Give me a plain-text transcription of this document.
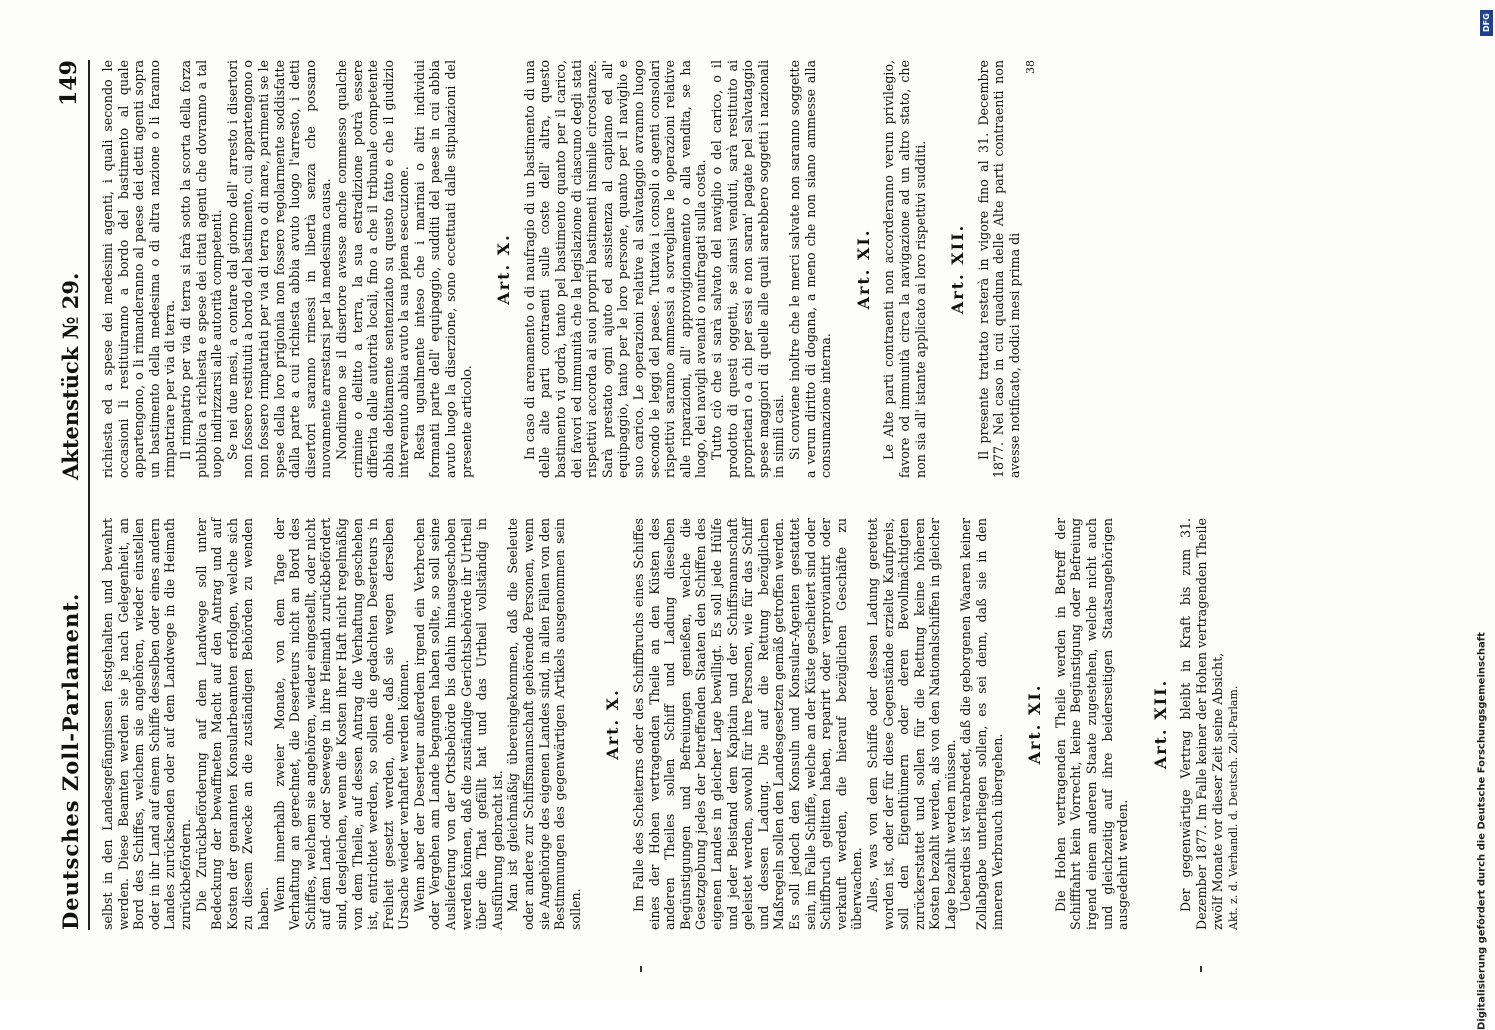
Deutsches Zoll-Parlament.
Aktenstück № 29.
149

selbst in den Landesgefängnissen festgehalten und bewahrt werden. Diese Beamten werden sie je nach Gelegenheit, an Bord des Schiffes, welchem sie angehören, wieder einstellen oder in ihr Land auf einem Schiffe desselben oder eines andern Landes zurücksenden oder auf dem Landwege in die Heimath zurückbefördern. Die Zurückbeförderung auf dem Landwege soll unter Bedeckung der bewaffneten Macht auf den Antrag und auf Kosten der genannten Konsularbeamten erfolgen, welche sich zu diesem Zwecke an die zuständigen Behörden zu wenden haben. Wenn innerhalb zweier Monate, von dem Tage der Verhaftung an gerechnet, die Deserteurs nicht an Bord des Schiffes, welchem sie angehören, wieder eingestellt, oder nicht auf dem Land- oder Seewege in ihre Heimath zurückbefördert sind, desgleichen, wenn die Kosten ihrer Haft nicht regelmäßig von dem Theile, auf dessen Antrag die Verhaftung geschehen ist, entrichtet werden, so sollen die gedachten Deserteurs in Freiheit gesetzt werden, ohne daß sie wegen derselben Ursache wieder verhaftet werden können. Wenn aber der Deserteur außerdem irgend ein Verbrechen oder Vergehen am Lande begangen haben sollte, so soll seine Auslieferung von der Ortsbehörde bis dahin hinausgeschoben werden können, daß die zuständige Gerichtsbehörde ihr Urtheil über die That gefällt hat und das Urtheil vollständig in Ausführung gebracht ist. Man ist gleichmäßig übereingekommen, daß die Seeleute oder andere zur Schiffsmannschaft gehörende Personen, wenn sie Angehörige des eigenen Landes sind, in allen Fällen von den Bestimmungen des gegenwärtigen Artikels ausgenommen sein sollen.

Art. X. Im Falle des Scheiterns oder des Schiffbruchs eines Schiffes eines der Hohen vertragenden Theile an den Küsten des anderen Theiles sollen Schiff und Ladung dieselben Begünstigungen und Befreiungen genießen, welche die Gesetzgebung jedes der betreffenden Staaten den Schiffen des eigenen Landes in gleicher Lage bewilligt. Es soll jede Hülfe und jeder Beistand dem Kapitain und der Schiffsmannschaft geleistet werden, sowohl für ihre Personen, wie für das Schiff und dessen Ladung. Die auf die Rettung bezüglichen Maßregeln sollen den Landesgesetzen gemäß getroffen werden. Es soll jedoch den Konsuln und Konsular-Agenten gestattet sein, im Falle Schiffe, welche an der Küste gescheitert sind oder Schiffbruch gelitten haben, reparirt oder verproviantirt oder verkauft werden, die hierauf bezüglichen Geschäfte zu überwachen. Alles, was von dem Schiffe oder dessen Ladung gerettet worden ist, oder der für diese Gegenstände erzielte Kaufpreis, soll den Eigenthümern oder deren Bevollmächtigten zurückerstattet und sollen für die Rettung keine höheren Kosten bezahlt werden, als von den Nationalschiffen in gleicher Lage bezahlt werden müssen. Ueberdies ist verabredet, daß die geborgenen Waaren keiner Zollabgabe unterliegen sollen, es sei denn, daß sie in den inneren Verbrauch übergehen.

Art. XI. Die Hohen vertragenden Theile werden in Betreff der Schifffahrt kein Vorrecht, keine Begünstigung oder Befreiung irgend einem anderen Staate zugestehen, welche nicht auch und gleichzeitig auf ihre beiderseitigen Staatsangehörigen ausgedehnt werden.

Art. XII. Der gegenwärtige Vertrag bleibt in Kraft bis zum 31. Dezember 1877. Im Falle keiner der Hohen vertragenden Theile zwölf Monate vor dieser Zeit seine Absicht, Akt. z. d. Verhandl. d. Deutsch. Zoll-Parlam.

richiesta ed a spese dei medesimi agenti, i quali secondo le occasioni li restituiranno a bordo del bastimento al quale appartengono, o li rimanderanno al paese dei detti agenti sopra un bastimento della medesima o di altra nazione o li faranno rimpatriare per via di terra. Il rimpatrio per via di terra si farà sotto la scorta della forza pubblica a richiesta e spese dei citati agenti che dovranno a tal uopo indirizzarsi alle autorità competenti. Se nei due mesi, a contare dal giorno dell' arresto i disertori non fossero restituiti a bordo del bastimento, cui appartengono o non fossero rimpatriati per via di terra o di mare, parimenti se le spese della loro prigionia non fossero regolarmente soddisfatte dalla parte a cui richiesta abbia avuto luogo l'arresto, i detti disertori saranno rimessi in libertà senza che possano nuovamente arrestarsi per la medesima causa. Nondimeno se il disertore avesse anche commesso qualche crimine o delitto a terra, la sua estradizione potrà essere differita dalle autorità locali, fino a che il tribunale competente abbia debitamente sentenziato su questo fatto e che il giudizio intervenuto abbia avuto la sua piena esecuzione. Resta ugualmente inteso che i marinai o altri individui formanti parte dell' equipaggio, sudditi del paese in cui abbia avuto luogo la diserzione, sono eccettuati dalle stipulazioni del presente articolo.

Art. X. In caso di arenamento o di naufragio di un bastimento di una delle alte parti contraenti sulle coste dell' altra, questo bastimento vi godrà, tanto pel bastimento quanto per il carico, dei favori ed immunità che la legislazione di ciascuno degli stati rispettivi accorda ai suoi proprii bastimenti insimile circostanze. Sarà prestato ogni ajuto ed assistenza al capitano ed all' equipaggio, tanto per le loro persone, quanto per il naviglio e suo carico. Le operazioni relative al salvataggio avranno luogo secondo le leggi del paese. Tuttavia i consoli o agenti consolari rispettivi saranno ammessi a sorvegliare le operazioni relative alle riparazioni, all' approvigionamento o alla vendita, se ha luogo, dei navigli avenati o naufragati sulla costa. Tutto ciò che si sarà salvato del naviglio o del carico, o il prodotto di questi oggetti, se siansi venduti, sarà restituito ai proprietari o a chi per essi e non saran' pagate pel salvataggio spese maggiori di quelle alle quali sarebbero soggetti i nazionali in simili casi. Si conviene inoltre che le merci salvate non saranno soggette a verun diritto di dogana, a meno che non siano ammesse alla consumazione interna.

Art. XI. Le Alte parti contraenti non accorderanno verun privilegio, favore od immunità circa la navigazione ad un altro stato, che non sia all' istante applicato ai loro rispettivi sudditi. Art. XII. Il presente trattato resterà in vigore fino al 31. Decembre 1877. Nel caso in cui quaduna delle Alte parti contraenti non avesse notificato, dodici mesi prima di

38

Digitalisierung gefördert durch die Deutsche Forschungsgemeinschaft
DFG
